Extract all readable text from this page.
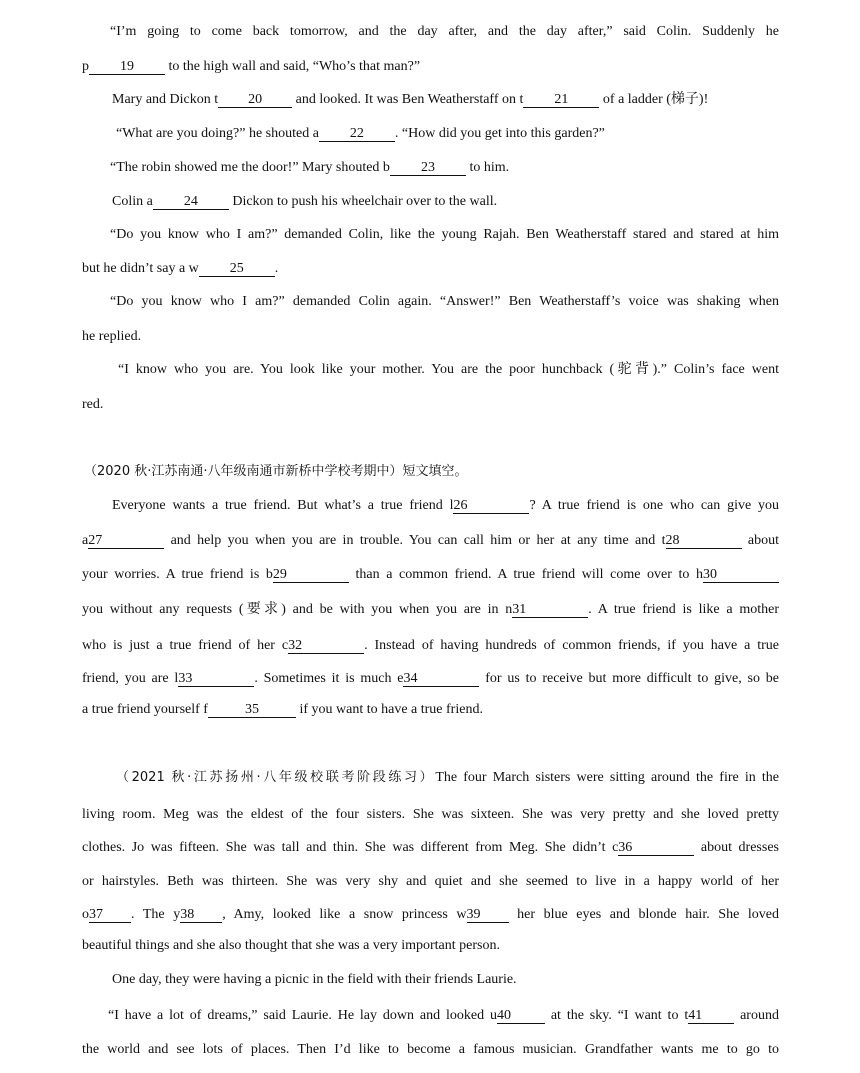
“I’m going to come back tomorrow, and the day after, and the day after,” said Colin. Suddenly he
p 19 to the high wall and said, “Who’s that man?”
Mary and Dickon t 20 and looked. It was Ben Weatherstaff on t 21 of a ladder (梯子)!
“What are you doing?” he shouted a 22 . “How did you get into this garden?”
“The robin showed me the door!” Mary shouted b 23 to him.
Colin a 24 Dickon to push his wheelchair over to the wall.
“Do you know who I am?” demanded Colin, like the young Rajah. Ben Weatherstaff stared and stared at him
but he didn’t say a w 25 .
“Do you know who I am?” demanded Colin again. “Answer!” Ben Weatherstaff’s voice was shaking when
he replied.
“I know who you are. You look like your mother. You are the poor hunchback (驼背).” Colin’s face went
red.
（2020 秋·江苏南通·八年级南通市新桥中学校考期中）短文填空。
Everyone wants a true friend. But what’s a true friend l26	? A true friend is one who can give you
a27	and help you when you are in trouble. You can call him or her at any time and t28	about
your worries. A true friend is b29	than a common friend. A true friend will come over to h30
you without any requests (要求) and be with you when you are in n31	. A true friend is like a mother
who is just a true friend of her c32	. Instead of having hundreds of common friends, if you have a true
friend, you are l33	. Sometimes it is much e34	for us to receive but more difficult to give, so be
a true friend yourself f	35	if you want to have a true friend.
（2021 秋·江苏扬州·八年级校联考阶段练习）The four March sisters were sitting around the fire in the
living room. Meg was the eldest of the four sisters. She was sixteen. She was very pretty and she loved pretty
clothes. Jo was fifteen. She was tall and thin. She was different from Meg. She didn’t c36	about dresses
or hairstyles. Beth was thirteen. She was very shy and quiet and she seemed to live in a happy world of her
o37 . The y38 , Amy, looked like a snow princess w39 her blue eyes and blonde hair. She loved
beautiful things and she also thought that she was a very important person.
One day, they were having a picnic in the field with their friends Laurie.
“I have a lot of dreams,” said Laurie. He lay down and looked u40 at the sky. “I want to t41 around
the world and see lots of places. Then I’d like to become a famous musician. Grandfather wants me to go to
